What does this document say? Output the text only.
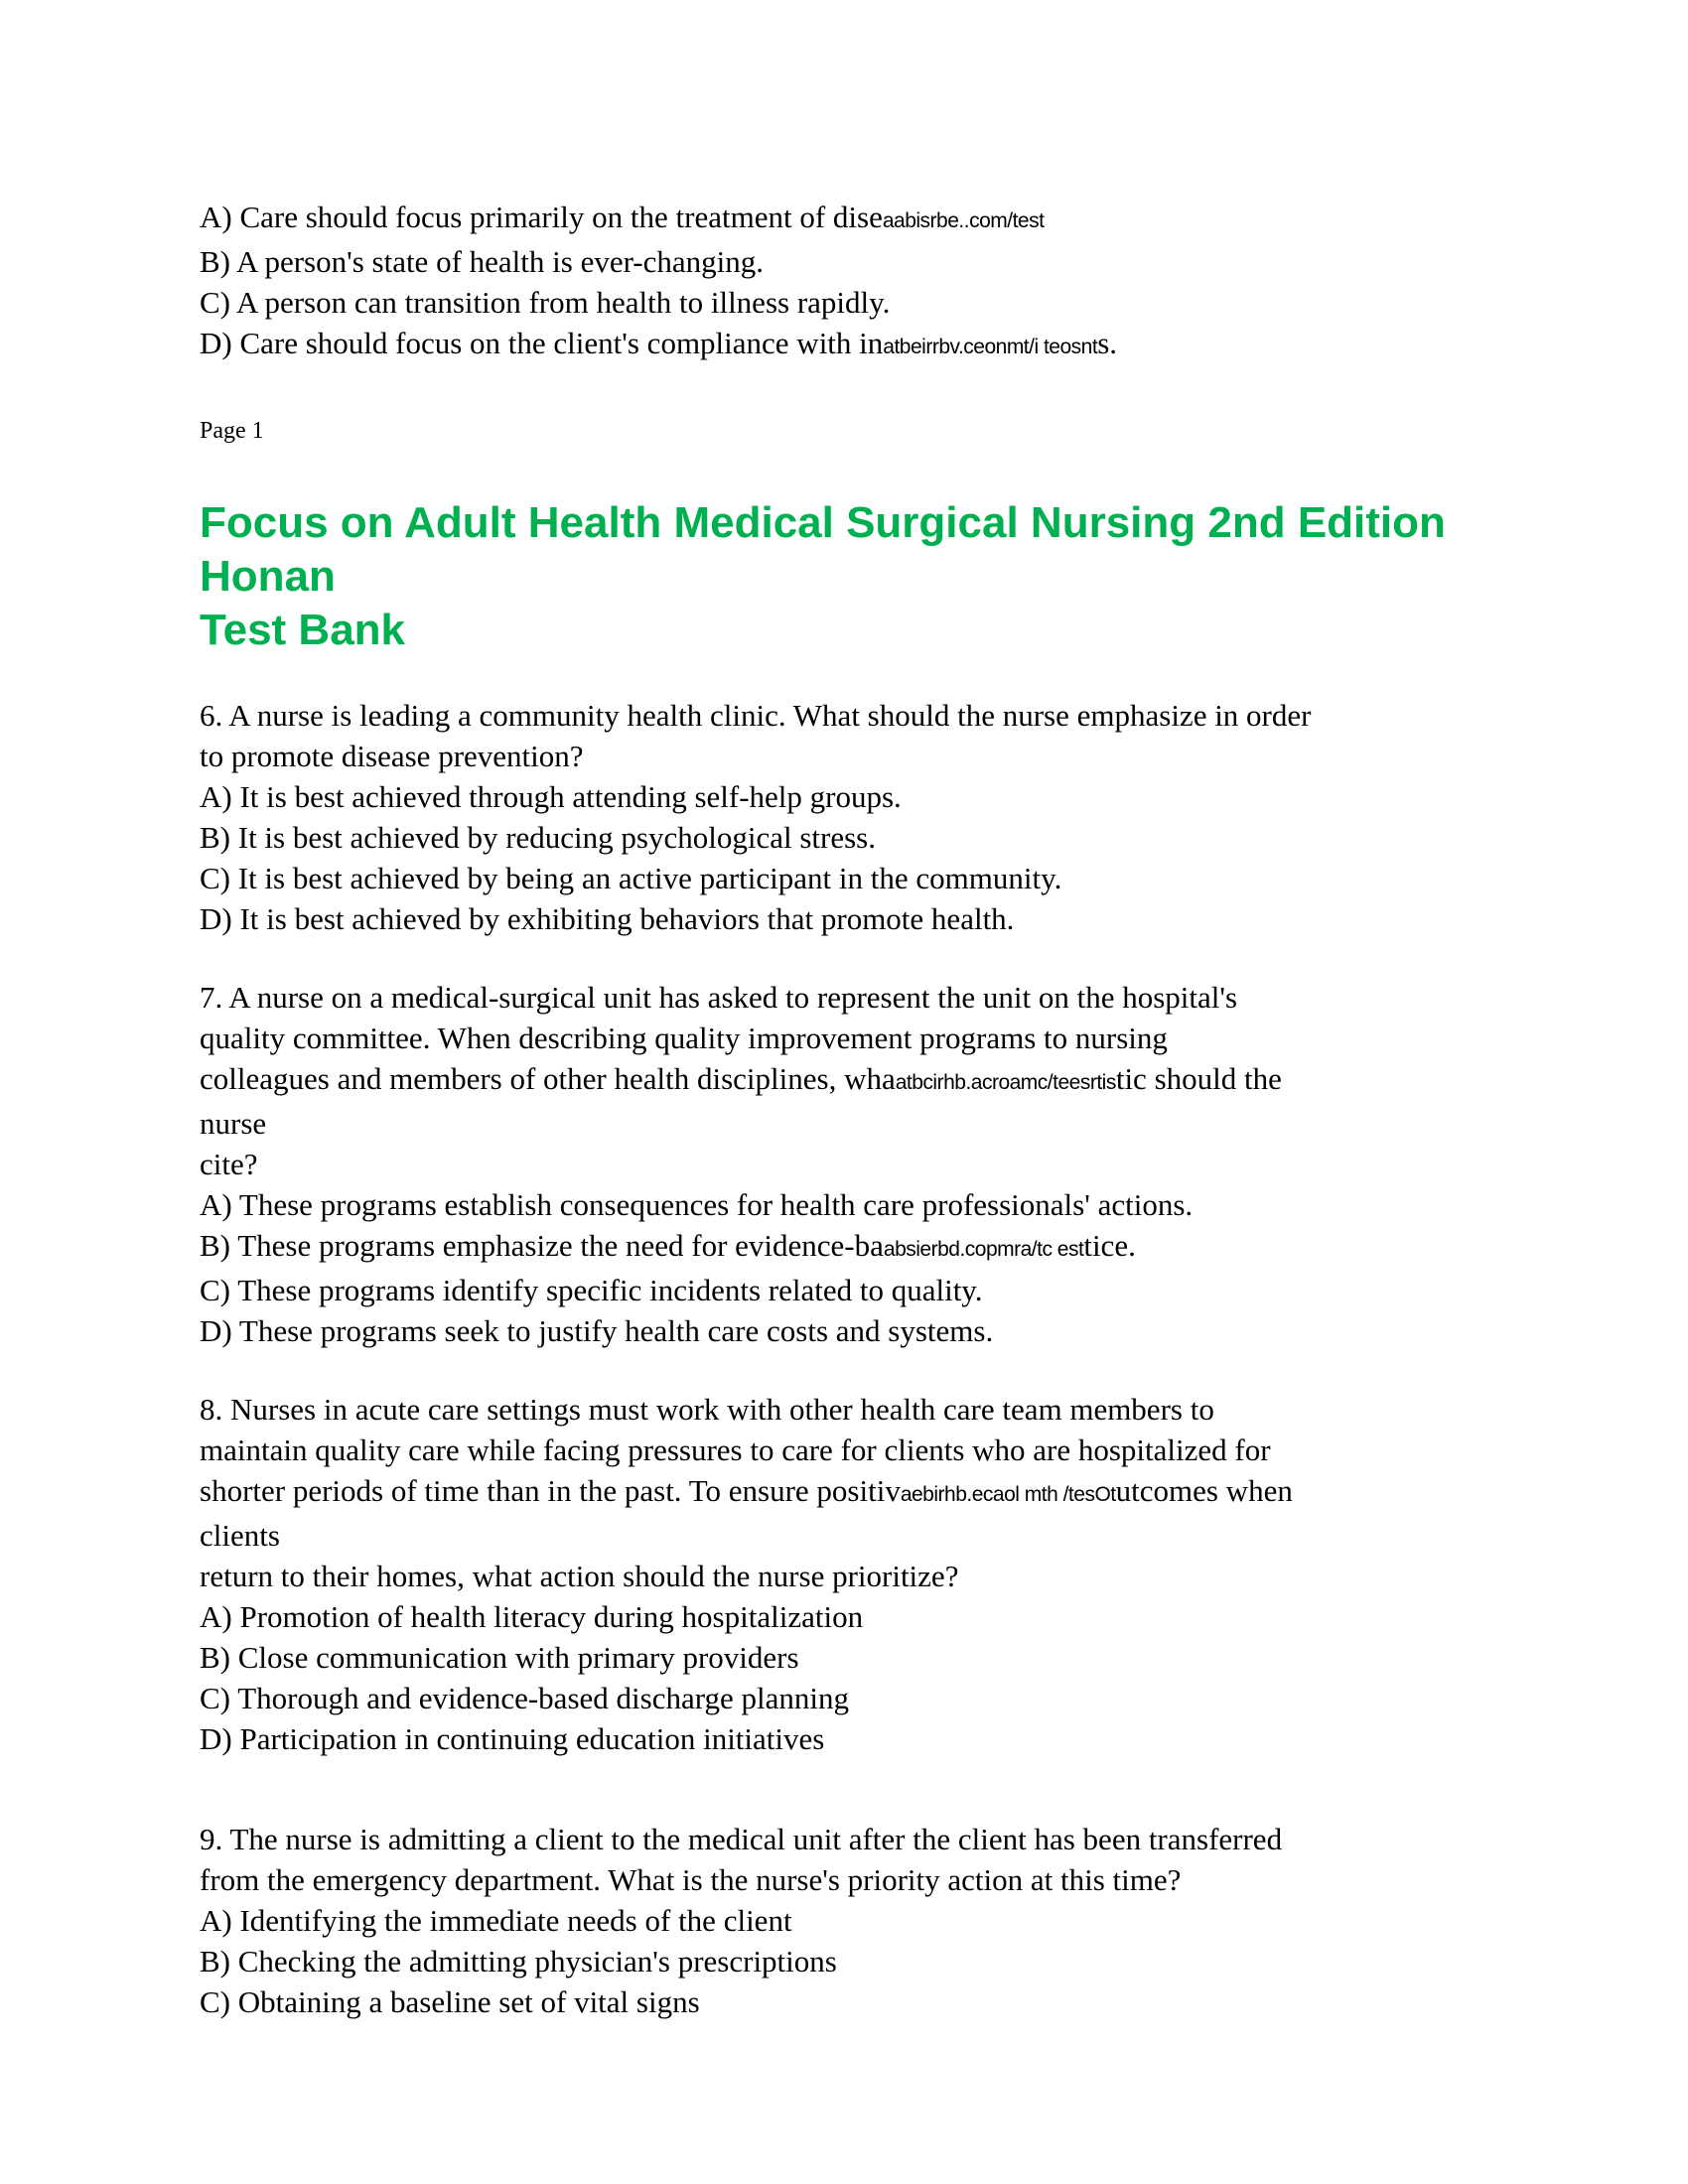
A) Care should focus primarily on the treatment of diseaabisrbe..com/test

B) A person's state of health is ever-changing.

C) A person can transition from health to illness rapidly.

D) Care should focus on the client's compliance with inatbeirrbv.ceonmt/i teosnts.

Page 1

Focus on Adult Health Medical Surgical Nursing 2nd Edition
Honan
Test Bank

6. A nurse is leading a community health clinic. What should the nurse emphasize in order

to promote disease prevention?

A) It is best achieved through attending self-help groups.

B) It is best achieved by reducing psychological stress.

C) It is best achieved by being an active participant in the community.

D) It is best achieved by exhibiting behaviors that promote health.

7. A nurse on a medical-surgical unit has asked to represent the unit on the hospital's

quality committee. When describing quality improvement programs to nursing

colleagues and members of other health disciplines, whaatbcirhb.acroamc/teesrtistic should the

nurse

cite?

A) These programs establish consequences for health care professionals' actions.

B) These programs emphasize the need for evidence-baabsierbd.copmra/tc esttice.

C) These programs identify specific incidents related to quality.

D) These programs seek to justify health care costs and systems.

8. Nurses in acute care settings must work with other health care team members to

maintain quality care while facing pressures to care for clients who are hospitalized for

shorter periods of time than in the past. To ensure positivaebirhb.ecaol mth /tesOtutcomes when

clients

return to their homes, what action should the nurse prioritize?

A) Promotion of health literacy during hospitalization

B) Close communication with primary providers

C) Thorough and evidence-based discharge planning

D) Participation in continuing education initiatives

9. The nurse is admitting a client to the medical unit after the client has been transferred

from the emergency department. What is the nurse's priority action at this time?

A) Identifying the immediate needs of the client

B) Checking the admitting physician's prescriptions

C) Obtaining a baseline set of vital signs
